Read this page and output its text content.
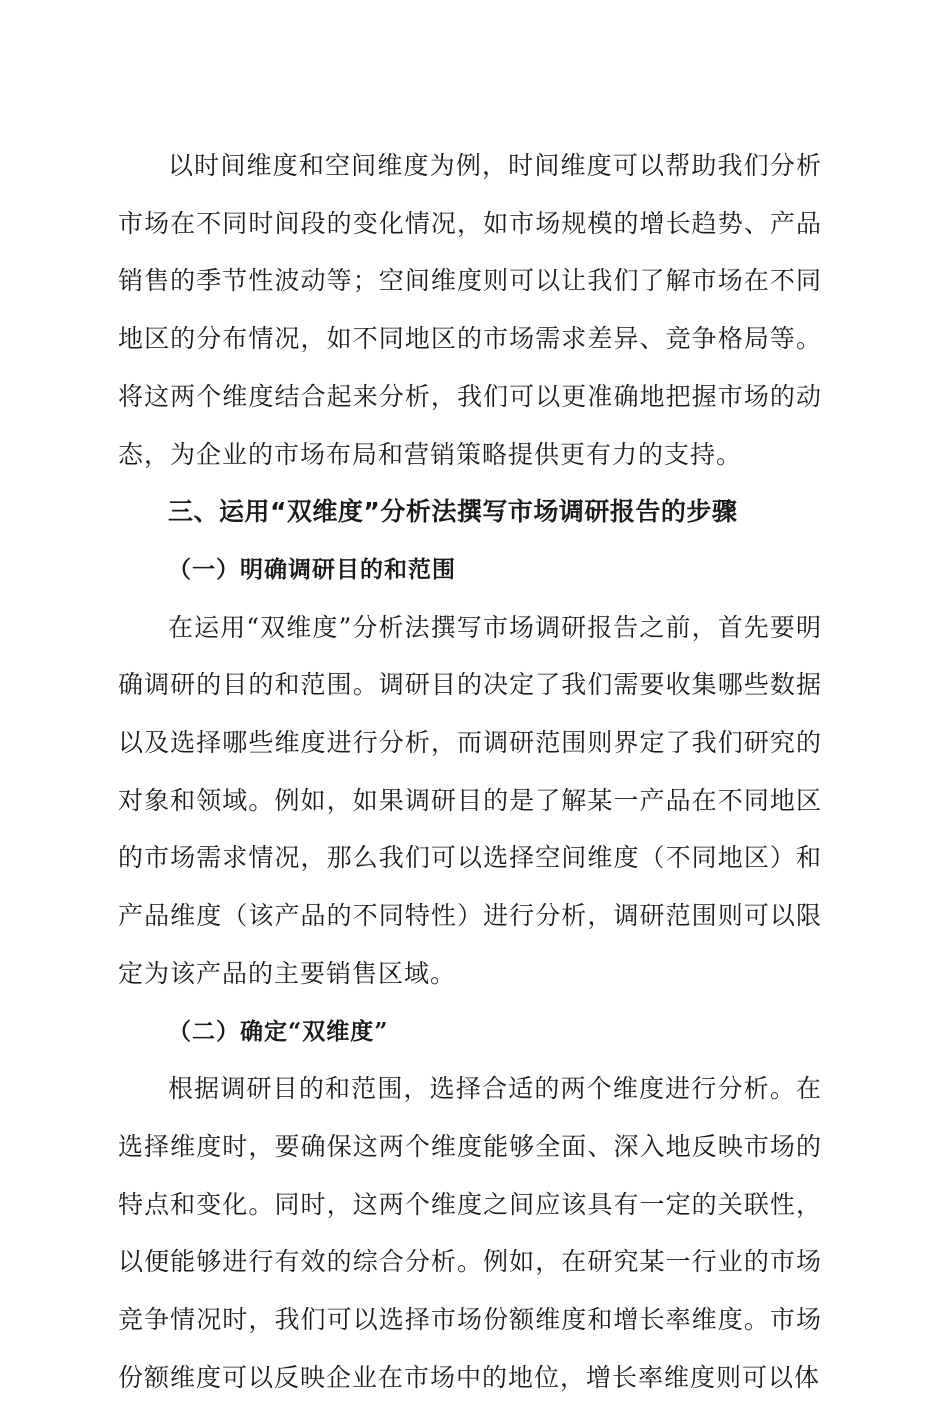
以时间维度和空间维度为例，时间维度可以帮助我们分析市场在不同时间段的变化情况，如市场规模的增长趋势、产品销售的季节性波动等；空间维度则可以让我们了解市场在不同地区的分布情况，如不同地区的市场需求差异、竞争格局等。将这两个维度结合起来分析，我们可以更准确地把握市场的动态，为企业的市场布局和营销策略提供更有力的支持。

三、运用“双维度”分析法撰写市场调研报告的步骤

（一）明确调研目的和范围

在运用“双维度”分析法撰写市场调研报告之前，首先要明确调研的目的和范围。调研目的决定了我们需要收集哪些数据以及选择哪些维度进行分析，而调研范围则界定了我们研究的对象和领域。例如，如果调研目的是了解某一产品在不同地区的市场需求情况，那么我们可以选择空间维度（不同地区）和产品维度（该产品的不同特性）进行分析，调研范围则可以限定为该产品的主要销售区域。

（二）确定“双维度”

根据调研目的和范围，选择合适的两个维度进行分析。在选择维度时，要确保这两个维度能够全面、深入地反映市场的特点和变化。同时，这两个维度之间应该具有一定的关联性，以便能够进行有效的综合分析。例如，在研究某一行业的市场竞争情况时，我们可以选择市场份额维度和增长率维度。市场份额维度可以反映企业在市场中的地位，增长率维度则可以体
